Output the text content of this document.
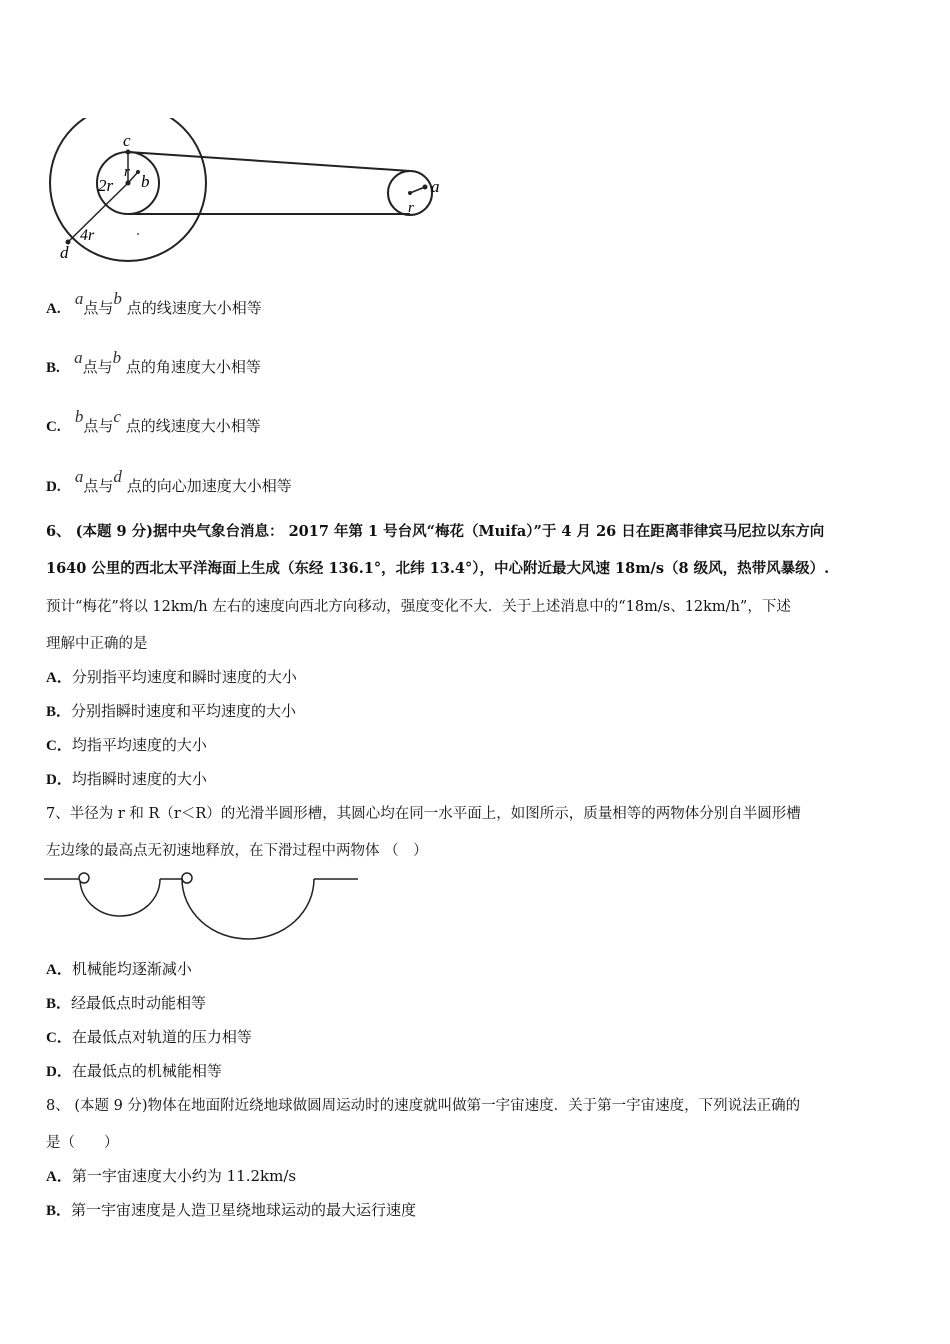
c
r b
2r	a
r
4r
d
A.   a点与b 点的线速度大小相等
B.   a点与b 点的角速度大小相等
C.   b点与c 点的线速度大小相等
D.   a点与d 点的向心加速度大小相等
6、 (本题 9 分)据中央气象台消息： 2017 年第 1 号台风“梅花（Muifa）”于 4 月 26 日在距离菲律宾马尼拉以东方向
1640 公里的西北太平洋海面上生成（东经 136.1°，北纬 13.4°），中心附近最大风速 18m/s（8 级风，热带风暴级）.
预计“梅花”将以 12km/h 左右的速度向西北方向移动，强度变化不大．关于上述消息中的“18m/s、12km/h”，下述
理解中正确的是
A．分别指平均速度和瞬时速度的大小
B．分别指瞬时速度和平均速度的大小
C．均指平均速度的大小
D．均指瞬时速度的大小
7、半径为 r 和 R（r＜R）的光滑半圆形槽，其圆心均在同一水平面上，如图所示，质量相等的两物体分别自半圆形槽
左边缘的最高点无初速地释放，在下滑过程中两物体 （　）
A．机械能均逐渐减小
B．经最低点时动能相等
C．在最低点对轨道的压力相等
D．在最低点的机械能相等
8、 (本题 9 分)物体在地面附近绕地球做圆周运动时的速度就叫做第一宇宙速度．关于第一宇宙速度，下列说法正确的
是（　　）
A．第一宇宙速度大小约为 11.2km/s
B．第一宇宙速度是人造卫星绕地球运动的最大运行速度
